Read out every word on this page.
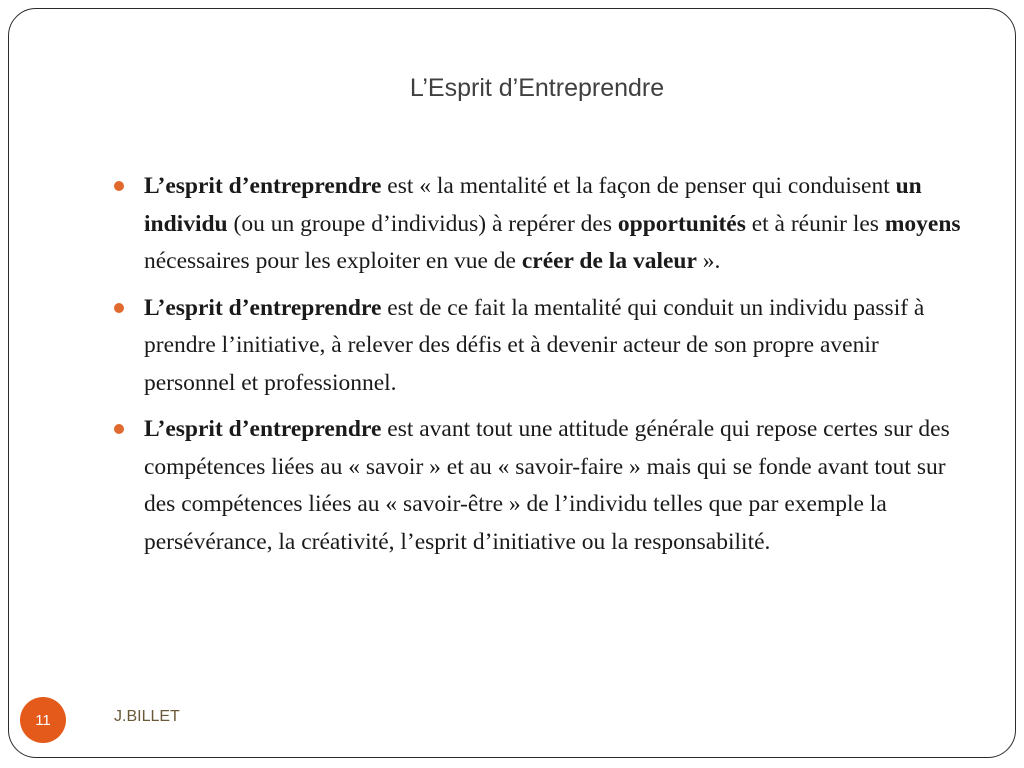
L’Esprit d’Entreprendre
L’esprit d’entreprendre est « la mentalité et la façon de penser qui conduisent un individu (ou un groupe d’individus) à repérer des opportunités et à réunir les moyens nécessaires pour les exploiter en vue de créer de la valeur ».
L’esprit d’entreprendre est de ce fait la mentalité qui conduit un individu passif à prendre l’initiative, à relever des défis et à devenir acteur de son propre avenir personnel et professionnel.
L’esprit d’entreprendre est avant tout une attitude générale qui repose certes sur des compétences liées au « savoir » et au « savoir-faire » mais qui se fonde avant tout sur des compétences liées au « savoir-être » de l’individu telles que par exemple la persévérance, la créativité, l’esprit d’initiative ou la responsabilité.
11	J.BILLET
